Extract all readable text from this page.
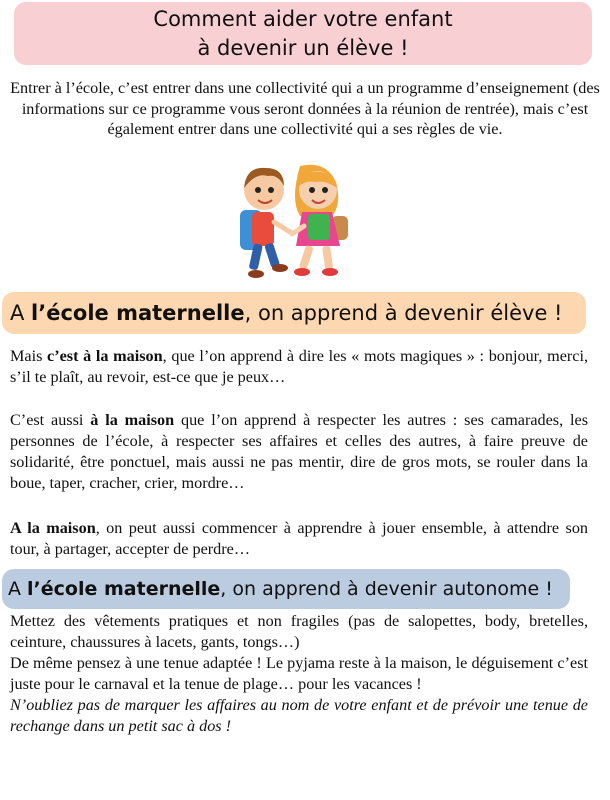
Comment aider votre enfant
à devenir un élève !
Entrer à l’école, c’est entrer dans une collectivité qui a un programme d’enseignement (des informations sur ce programme vous seront données à la réunion de rentrée), mais c’est également entrer dans une collectivité qui a ses règles de vie.
A l’école maternelle, on apprend à devenir élève !
Mais c’est à la maison, que l’on apprend à dire les « mots magiques » : bonjour, merci, s’il te plaît, au revoir, est-ce que je peux…
C’est aussi à la maison que l’on apprend à respecter les autres : ses camarades, les personnes de l’école, à respecter ses affaires et celles des autres, à faire preuve de solidarité, être ponctuel, mais aussi ne pas mentir, dire de gros mots, se rouler dans la boue, taper, cracher, crier, mordre…
A la maison, on peut aussi commencer à apprendre à jouer ensemble, à attendre son tour, à partager, accepter de perdre…
A l’école maternelle, on apprend à devenir autonome !
Mettez des vêtements pratiques et non fragiles (pas de salopettes, body, bretelles, ceinture, chaussures à lacets, gants, tongs…)
De même pensez à une tenue adaptée ! Le pyjama reste à la maison, le déguisement c’est juste pour le carnaval et la tenue de plage… pour les vacances !
N’oubliez pas de marquer les affaires au nom de votre enfant et de prévoir une tenue de rechange dans un petit sac à dos !
